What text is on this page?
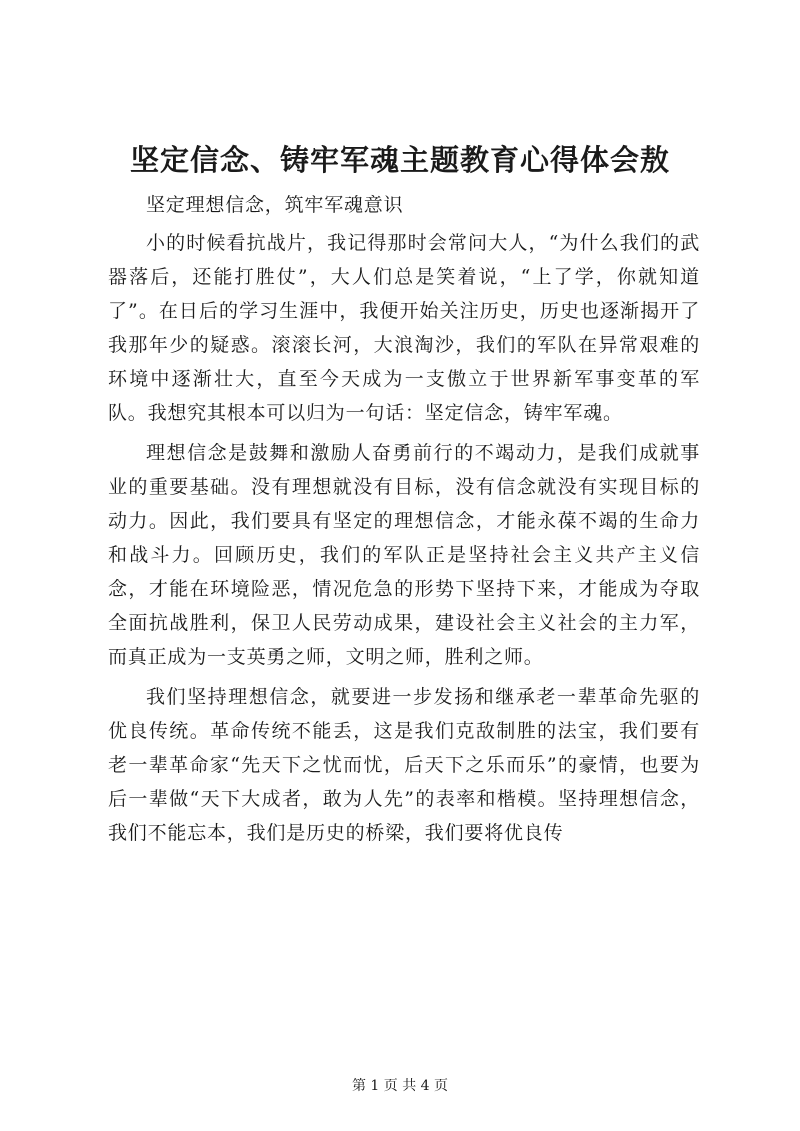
坚定信念、铸牢军魂主题教育心得体会敖

坚定理想信念，筑牢军魂意识

小的时候看抗战片，我记得那时会常问大人，“为什么我们的武器落后，还能打胜仗”，大人们总是笑着说，“上了学，你就知道了”。在日后的学习生涯中，我便开始关注历史，历史也逐渐揭开了我那年少的疑惑。滚滚长河，大浪淘沙，我们的军队在异常艰难的环境中逐渐壮大，直至今天成为一支傲立于世界新军事变革的军队。我想究其根本可以归为一句话：坚定信念，铸牢军魂。

理想信念是鼓舞和激励人奋勇前行的不竭动力，是我们成就事业的重要基础。没有理想就没有目标，没有信念就没有实现目标的动力。因此，我们要具有坚定的理想信念，才能永葆不竭的生命力和战斗力。回顾历史，我们的军队正是坚持社会主义共产主义信念，才能在环境险恶，情况危急的形势下坚持下来，才能成为夺取全面抗战胜利，保卫人民劳动成果，建设社会主义社会的主力军，而真正成为一支英勇之师，文明之师，胜利之师。

我们坚持理想信念，就要进一步发扬和继承老一辈革命先驱的优良传统。革命传统不能丢，这是我们克敌制胜的法宝，我们要有老一辈革命家“先天下之忧而忧，后天下之乐而乐”的豪情，也要为后一辈做“天下大成者，敢为人先”的表率和楷模。坚持理想信念，我们不能忘本，我们是历史的桥梁，我们要将优良传

第 1 页 共 4 页
